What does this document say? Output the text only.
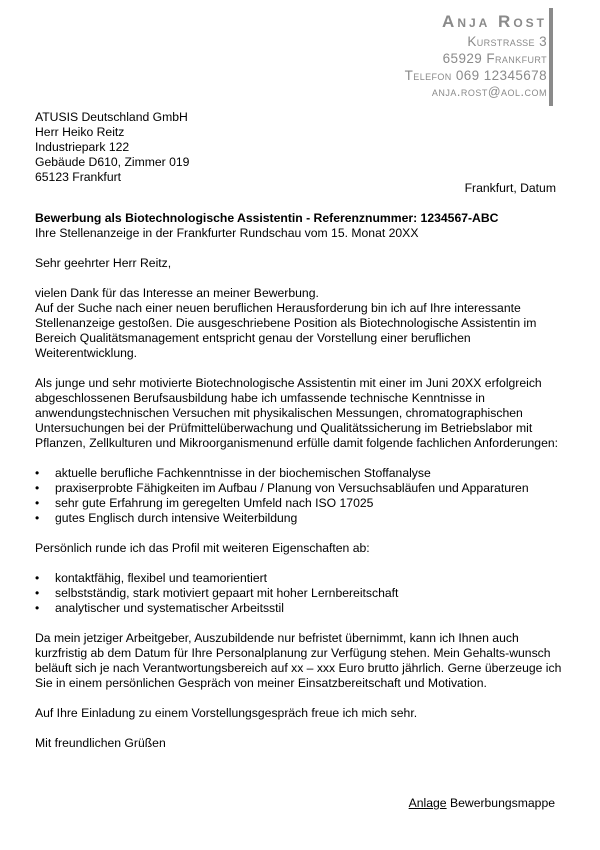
Anja Rost
Kurstraße 3
65929 Frankfurt
Telefon 069 12345678
anja.rost@aol.com
ATUSIS Deutschland GmbH
Herr Heiko Reitz
Industriepark 122
Gebäude D610, Zimmer 019
65123 Frankfurt
Frankfurt, Datum
Bewerbung als Biotechnologische Assistentin - Referenznummer: 1234567-ABC
Ihre Stellenanzeige in der Frankfurter Rundschau vom 15. Monat 20XX

Sehr geehrter Herr Reitz,

vielen Dank für das Interesse an meiner Bewerbung.
Auf der Suche nach einer neuen beruflichen Herausforderung bin ich auf Ihre interessante Stellenanzeige gestoßen. Die ausgeschriebene Position als Biotechnologische Assistentin im Bereich Qualitätsmanagement entspricht genau der Vorstellung einer beruflichen Weiterentwicklung.

Als junge und sehr motivierte Biotechnologische Assistentin mit einer im Juni 20XX erfolgreich abgeschlossenen Berufsausbildung habe ich umfassende technische Kenntnisse in anwendungstechnischen Versuchen mit physikalischen Messungen, chromatographischen Untersuchungen bei der Prüfmittelüberwachung und Qualitätssicherung im Betriebslabor mit Pflanzen, Zellkulturen und Mikroorganismenund erfülle damit folgende fachlichen Anforderungen:

• aktuelle berufliche Fachkenntnisse in der biochemischen Stoffanalyse
• praxiserprobte Fähigkeiten im Aufbau / Planung von Versuchsabläufen und Apparaturen
• sehr gute Erfahrung im geregelten Umfeld nach ISO 17025
• gutes Englisch durch intensive Weiterbildung

Persönlich runde ich das Profil mit weiteren Eigenschaften ab:

• kontaktfähig, flexibel und teamorientiert
• selbstständig, stark motiviert gepaart mit hoher Lernbereitschaft
• analytischer und systematischer Arbeitsstil

Da mein jetziger Arbeitgeber, Auszubildende nur befristet übernimmt, kann ich Ihnen auch kurzfristig ab dem Datum für Ihre Personalplanung zur Verfügung stehen. Mein Gehalts-wunsch beläuft sich je nach Verantwortungsbereich auf xx – xxx Euro brutto jährlich. Gerne überzeuge ich Sie in einem persönlichen Gespräch von meiner Einsatzbereitschaft und Motivation.

Auf Ihre Einladung zu einem Vorstellungsgespräch freue ich mich sehr.

Mit freundlichen Grüßen

Anlage Bewerbungsmappe
